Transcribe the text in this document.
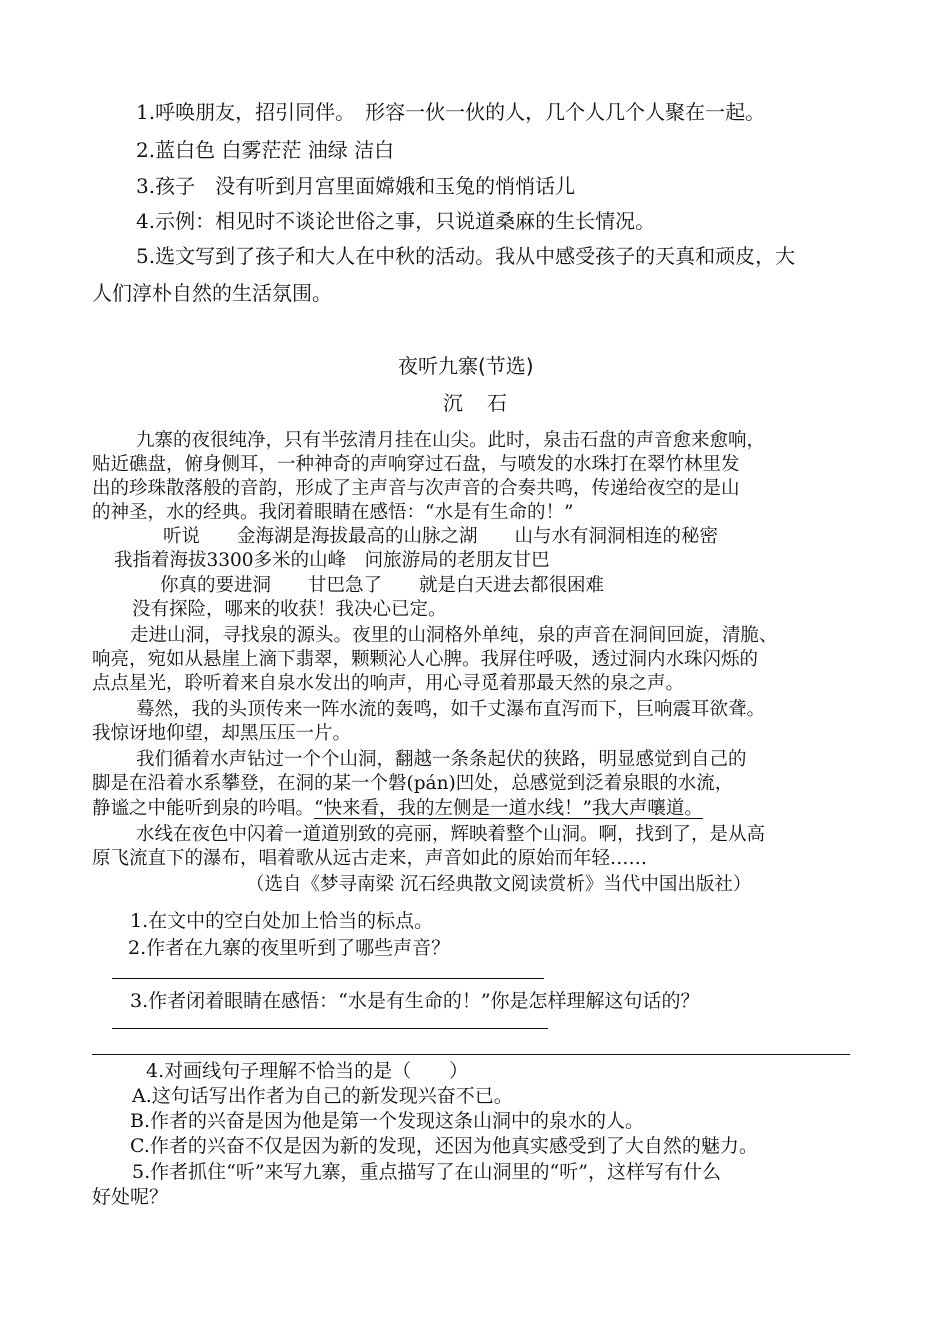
1.呼唤朋友，招引同伴。　形容一伙一伙的人，几个人几个人聚在一起。
2.蓝白色 白雾茫茫 油绿 洁白
3.孩子　没有听到月宫里面嫦娥和玉兔的悄悄话儿
4.示例：相见时不谈论世俗之事，只说道桑麻的生长情况。
5.选文写到了孩子和大人在中秋的活动。我从中感受孩子的天真和顽皮，大
人们淳朴自然的生活氛围。
夜听九寨(节选)
沉　石
九寨的夜很纯净，只有半弦清月挂在山尖。此时，泉击石盘的声音愈来愈响，
贴近礁盘，俯身侧耳，一种神奇的声响穿过石盘，与喷发的水珠打在翠竹林里发
出的珍珠散落般的音韵，形成了主声音与次声音的合奏共鸣，传递给夜空的是山
的神圣，水的经典。我闭着眼睛在感悟：“水是有生命的！”
听说　　金海湖是海拔最高的山脉之湖　　山与水有洞洞相连的秘密
我指着海拔3300多米的山峰　问旅游局的老朋友甘巴
你真的要进洞　　甘巴急了　　就是白天进去都很困难
没有探险，哪来的收获！我决心已定。
走进山洞，寻找泉的源头。夜里的山洞格外单纯，泉的声音在洞间回旋，清脆、
响亮，宛如从悬崖上滴下翡翠，颗颗沁人心脾。我屏住呼吸，透过洞内水珠闪烁的
点点星光，聆听着来自泉水发出的响声，用心寻觅着那最天然的泉之声。
蓦然，我的头顶传来一阵水流的轰鸣，如千丈瀑布直泻而下，巨响震耳欲聋。
我惊讶地仰望，却黑压压一片。
我们循着水声钻过一个个山洞，翻越一条条起伏的狭路，明显感觉到自己的
脚是在沿着水系攀登，在洞的某一个磐(pán)凹处，总感觉到泛着泉眼的水流，
静谧之中能听到泉的吟唱。“快来看，我的左侧是一道水线！”我大声嚷道。
水线在夜色中闪着一道道别致的亮丽，辉映着整个山洞。啊，找到了，是从高
原飞流直下的瀑布，唱着歌从远古走来，声音如此的原始而年轻……
（选自《梦寻南梁 沉石经典散文阅读赏析》当代中国出版社）
1.在文中的空白处加上恰当的标点。
2.作者在九寨的夜里听到了哪些声音？
3.作者闭着眼睛在感悟：“水是有生命的！”你是怎样理解这句话的？
4.对画线句子理解不恰当的是（　　）
A.这句话写出作者为自己的新发现兴奋不已。
B.作者的兴奋是因为他是第一个发现这条山洞中的泉水的人。
C.作者的兴奋不仅是因为新的发现，还因为他真实感受到了大自然的魅力。
5.作者抓住“听”来写九寨，重点描写了在山洞里的“听”，这样写有什么
好处呢？
